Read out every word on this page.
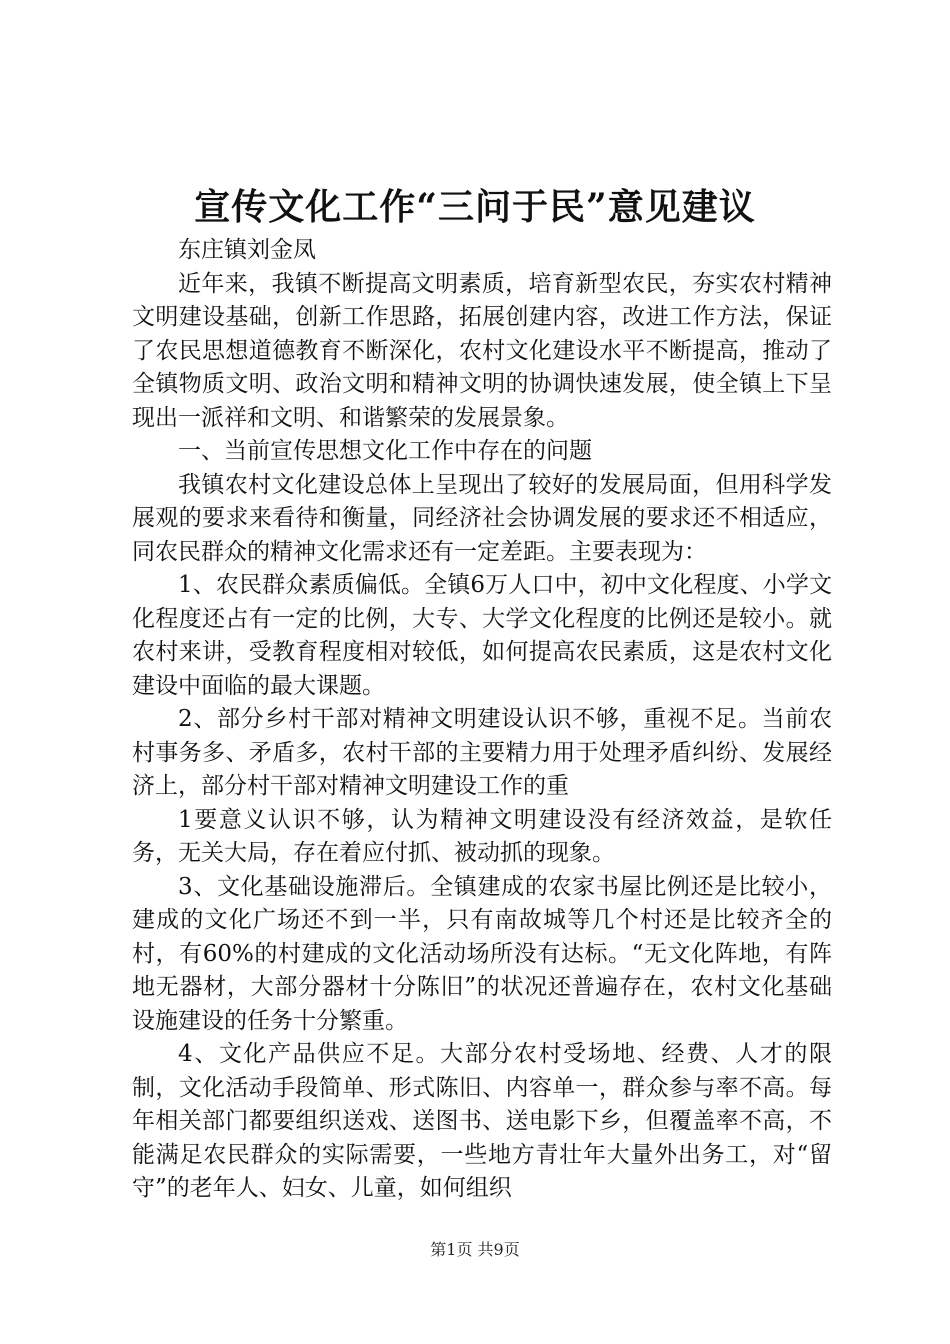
宣传文化工作“三问于民”意见建议

东庄镇刘金凤

近年来，我镇不断提高文明素质，培育新型农民，夯实农村精神文明建设基础，创新工作思路，拓展创建内容，改进工作方法，保证了农民思想道德教育不断深化，农村文化建设水平不断提高，推动了全镇物质文明、政治文明和精神文明的协调快速发展，使全镇上下呈现出一派祥和文明、和谐繁荣的发展景象。

一、当前宣传思想文化工作中存在的问题

我镇农村文化建设总体上呈现出了较好的发展局面，但用科学发展观的要求来看待和衡量，同经济社会协调发展的要求还不相适应，同农民群众的精神文化需求还有一定差距。主要表现为：

1、农民群众素质偏低。全镇6万人口中，初中文化程度、小学文化程度还占有一定的比例，大专、大学文化程度的比例还是较小。就农村来讲，受教育程度相对较低，如何提高农民素质，这是农村文化建设中面临的最大课题。

2、部分乡村干部对精神文明建设认识不够，重视不足。当前农村事务多、矛盾多，农村干部的主要精力用于处理矛盾纠纷、发展经济上，部分村干部对精神文明建设工作的重

1要意义认识不够，认为精神文明建设没有经济效益，是软任务，无关大局，存在着应付抓、被动抓的现象。

3、文化基础设施滞后。全镇建成的农家书屋比例还是比较小，建成的文化广场还不到一半，只有南故城等几个村还是比较齐全的村，有60%的村建成的文化活动场所没有达标。“无文化阵地，有阵地无器材，大部分器材十分陈旧”的状况还普遍存在，农村文化基础设施建设的任务十分繁重。

4、文化产品供应不足。大部分农村受场地、经费、人才的限制，文化活动手段简单、形式陈旧、内容单一，群众参与率不高。每年相关部门都要组织送戏、送图书、送电影下乡，但覆盖率不高，不能满足农民群众的实际需要，一些地方青壮年大量外出务工，对“留守”的老年人、妇女、儿童，如何组织

第1页 共9页
